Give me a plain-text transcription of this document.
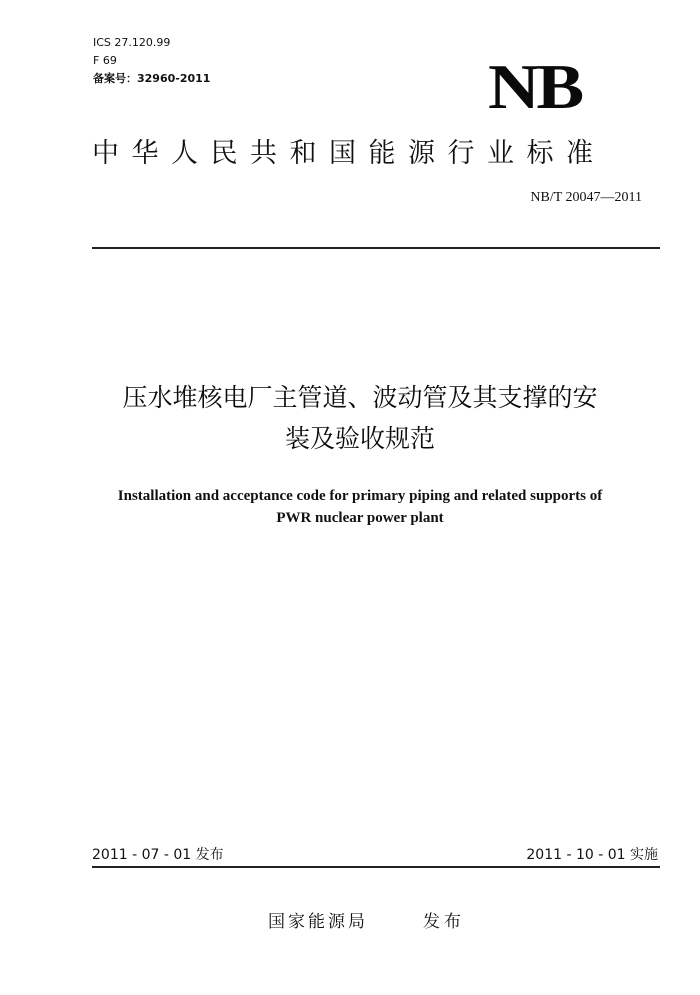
ICS 27.120.99
F 69
备案号：32960-2011	NB
中华人民共和国能源行业标准
NB/T 20047—2011
压水堆核电厂主管道、波动管及其支撑的安
装及验收规范
Installation and acceptance code for primary piping and related supports of
PWR nuclear power plant
2011 - 07 - 01 发布	2011 - 10 - 01 实施
国家能源局	发布
